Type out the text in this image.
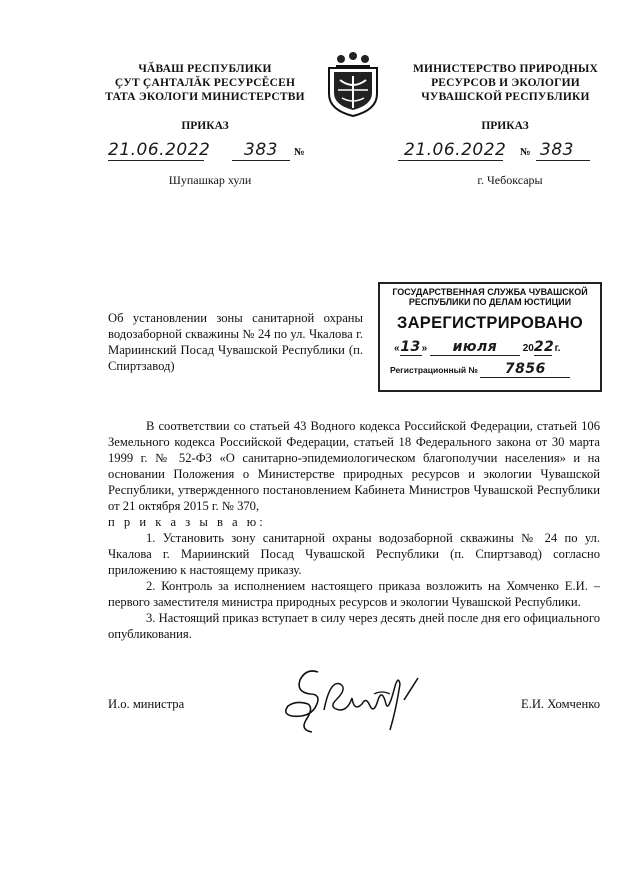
ЧĂВАШ РЕСПУБЛИКИ
ÇУТ ÇАНТАЛĂК РЕСУРСĔСЕН
ТАТА ЭКОЛОГИ МИНИСТЕРСТВИ
МИНИСТЕРСТВО ПРИРОДНЫХ
РЕСУРСОВ И ЭКОЛОГИИ
ЧУВАШСКОЙ РЕСПУБЛИКИ
ПРИКАЗ	ПРИКАЗ
21.06.2022	383	№	21.06.2022 № 383
Шупашкар хули	г. Чебоксары
Об установлении зоны санитарной охраны водозаборной скважины № 24 по ул. Чкалова г. Мариинский Посад Чувашской Республики (п. Спиртзавод)
ГОСУДАРСТВЕННАЯ СЛУЖБА ЧУВАШСКОЙ
РЕСПУБЛИКИ ПО ДЕЛАМ ЮСТИЦИИ
ЗАРЕГИСТРИРОВАНО
«13» июля	2022 г.
Регистрационный № 7856

В соответствии со статьей 43 Водного кодекса Российской Федерации, статьей 106 Земельного кодекса Российской Федерации, статьей 18 Федерального закона от 30 марта 1999 г. № 52-ФЗ «О санитарно-эпидемиологическом благополучии населения» и на основании Положения о Министерстве природных ресурсов и экологии Чувашской Республики, утвержденного постановлением Кабинета Министров Чувашской Республики от 21 октября 2015 г. № 370,

п р и к а з ы в а ю:

1. Установить зону санитарной охраны водозаборной скважины № 24 по ул. Чкалова г. Мариинский Посад Чувашской Республики (п. Спиртзавод) согласно приложению к настоящему приказу.

2. Контроль за исполнением настоящего приказа возложить на Хомченко Е.И. – первого заместителя министра природных ресурсов и экологии Чувашской Республики.

3. Настоящий приказ вступает в силу через десять дней после дня его официального опубликования.

И.о. министра	Е.И. Хомченко
